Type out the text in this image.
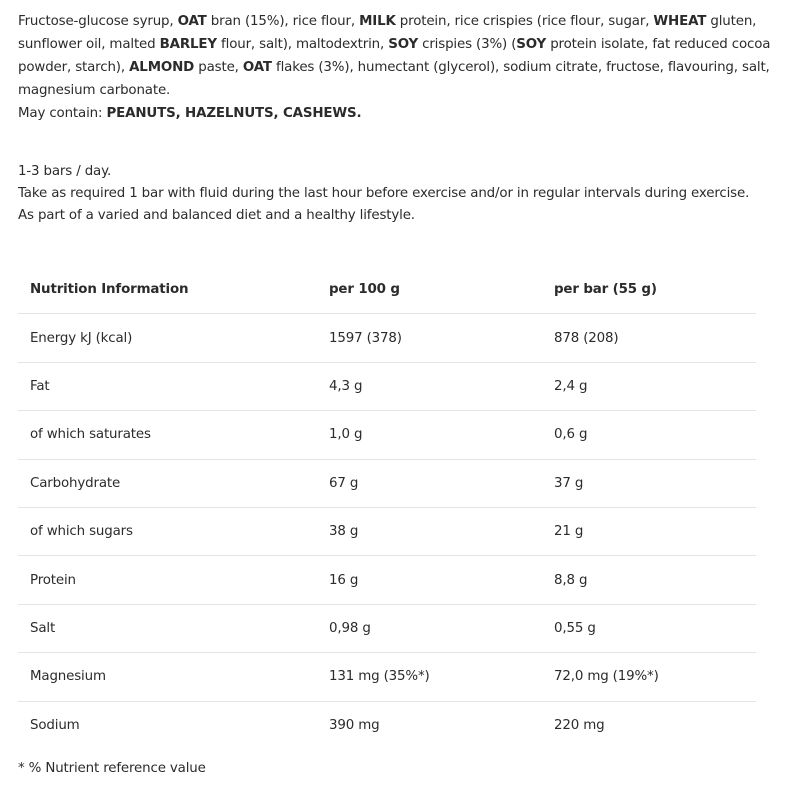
Fructose-glucose syrup, OAT bran (15%), rice flour, MILK protein, rice crispies (rice flour, sugar, WHEAT gluten, sunflower oil, malted BARLEY flour, salt), maltodextrin, SOY crispies (3%) (SOY protein isolate, fat reduced cocoa powder, starch), ALMOND paste, OAT flakes (3%), humectant (glycerol), sodium citrate, fructose, flavouring, salt, magnesium carbonate.
May contain: PEANUTS, HAZELNUTS, CASHEWS.
1-3 bars / day.
Take as required 1 bar with fluid during the last hour before exercise and/or in regular intervals during exercise.
As part of a varied and balanced diet and a healthy lifestyle.
Nutrition Information	per 100 g	per bar (55 g)
Energy kJ (kcal)	1597 (378)	878 (208)
Fat	4,3 g	2,4 g
of which saturates	1,0 g	0,6 g
Carbohydrate	67 g	37 g
of which sugars	38 g	21 g
Protein	16 g	8,8 g
Salt	0,98 g	0,55 g
Magnesium	131 mg (35%*)	72,0 mg (19%*)
Sodium	390 mg	220 mg
* % Nutrient reference value
